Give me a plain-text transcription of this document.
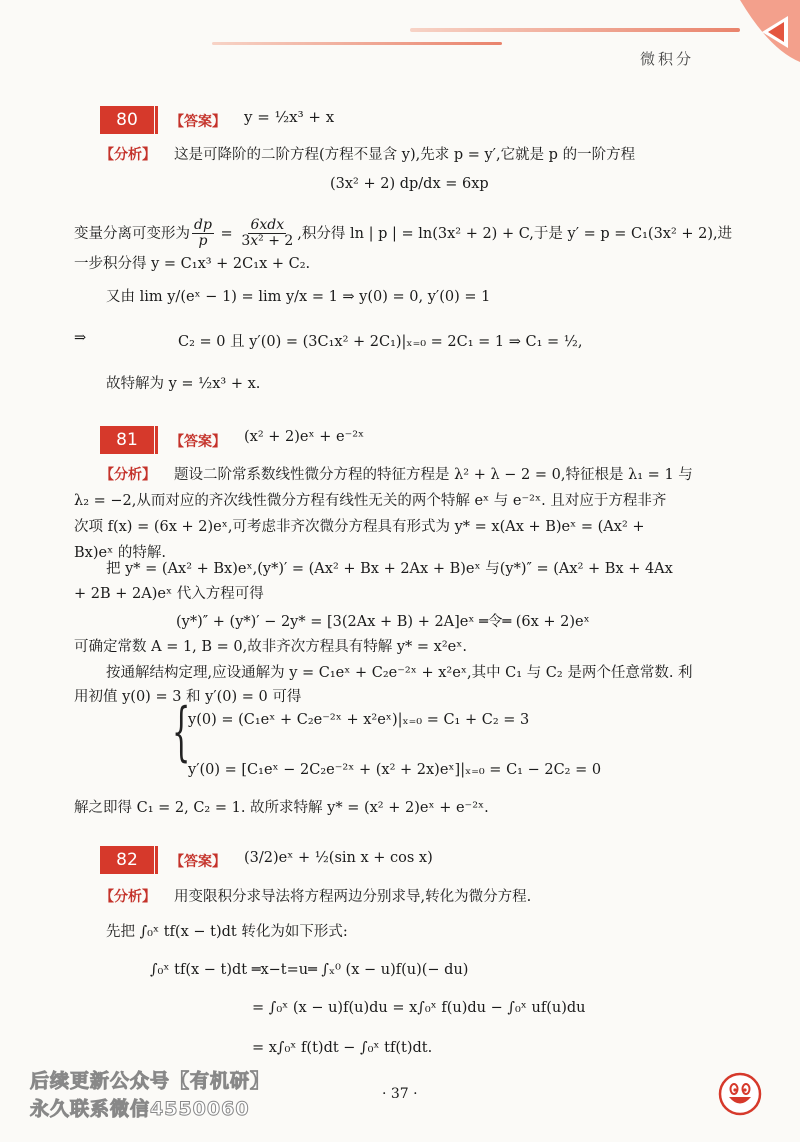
微积分
80	【答案】 y = ½x³ + x
【分析】 这是可降阶的二阶方程(方程不显含 y),先求 p = y′,它就是 p 的一阶方程
(3x² + 2) dp/dx = 6xp
变量分离可变形为 $\frac{dp}{p} = \frac{\text{6xdx}}{\text{3x² + 2}}$ ,积分得 ln | p | = ln(3x² + 2) + C,于是 y′ = p = C₁(3x² + 2),进
一步积分得 y = C₁x³ + 2C₁x + C₂.
又由 lim y/(eˣ − 1) = lim y/x = 1 ⇒ y(0) = 0, y′(0) = 1
⇒	C₂ = 0 且 y′(0) = (3C₁x² + 2C₁)|ₓ₌₀ = 2C₁ = 1 ⇒ C₁ = ½,
故特解为 y = ½x³ + x.
81	【答案】 (x² + 2)eˣ + e⁻²ˣ
【分析】 题设二阶常系数线性微分方程的特征方程是 λ² + λ − 2 = 0,特征根是 λ₁ = 1 与
λ₂ = −2,从而对应的齐次线性微分方程有线性无关的两个特解 eˣ 与 e⁻²ˣ. 且对应于方程非齐
次项 f(x) = (6x + 2)eˣ,可考虑非齐次微分方程具有形式为 y* = x(Ax + B)eˣ = (Ax² +
Bx)eˣ 的特解.
把 y* = (Ax² + Bx)eˣ,(y*)′ = (Ax² + Bx + 2Ax + B)eˣ 与(y*)″ = (Ax² + Bx + 4Ax
+ 2B + 2A)eˣ 代入方程可得
(y*)″ + (y*)′ − 2y* = [3(2Ax + B) + 2A]eˣ ═令═ (6x + 2)eˣ
可确定常数 A = 1, B = 0,故非齐次方程具有特解 y* = x²eˣ.
按通解结构定理,应设通解为 y = C₁eˣ + C₂e⁻²ˣ + x²eˣ,其中 C₁ 与 C₂ 是两个任意常数. 利
用初值 y(0) = 3 和 y′(0) = 0 可得
{
y(0) = (C₁eˣ + C₂e⁻²ˣ + x²eˣ)|ₓ₌₀ = C₁ + C₂ = 3
y′(0) = [C₁eˣ − 2C₂e⁻²ˣ + (x² + 2x)eˣ]|ₓ₌₀ = C₁ − 2C₂ = 0
解之即得 C₁ = 2, C₂ = 1. 故所求特解 y* = (x² + 2)eˣ + e⁻²ˣ.
82	【答案】 (3/2)eˣ + ½(sin x + cos x)
【分析】 用变限积分求导法将方程两边分别求导,转化为微分方程.
先把 ∫₀ˣ tf(x − t)dt 转化为如下形式:
∫₀ˣ tf(x − t)dt ═x−t=u═ ∫ₓ⁰ (x − u)f(u)(− du)
= ∫₀ˣ (x − u)f(u)du = x∫₀ˣ f(u)du − ∫₀ˣ uf(u)du
= x∫₀ˣ f(t)dt − ∫₀ˣ tf(t)dt.
· 37 ·
后续更新公众号【有机研】
永久联系微信4550060
